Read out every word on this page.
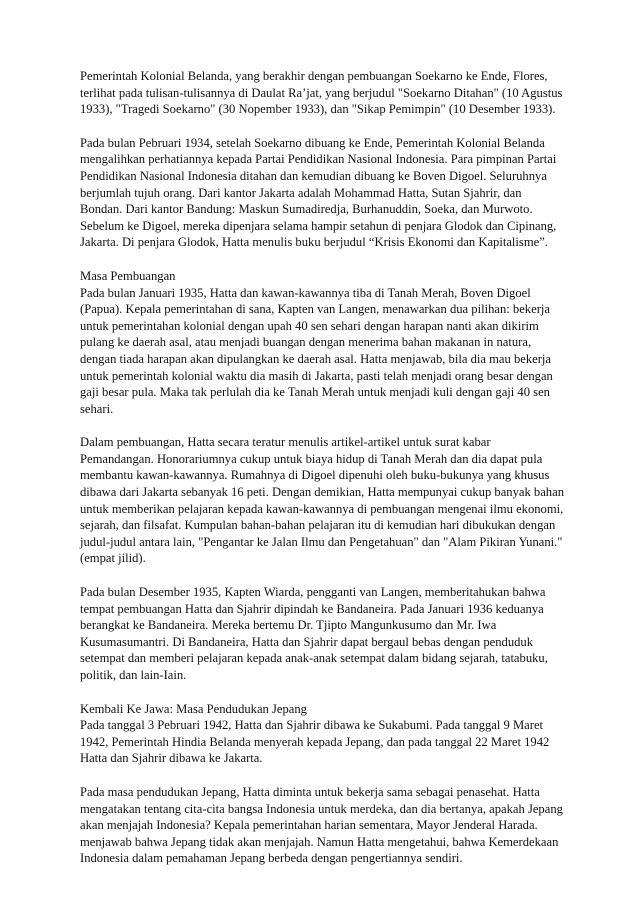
Pemerintah Kolonial Belanda, yang berakhir dengan pembuangan Soekarno ke Ende, Flores, terlihat pada tulisan-tulisannya di Daulat Ra’jat, yang berjudul "Soekarno Ditahan" (10 Agustus 1933), "Tragedi Soekarno" (30 Nopember 1933), dan "Sikap Pemimpin" (10 Desember 1933).

Pada bulan Pebruari 1934, setelah Soekarno dibuang ke Ende, Pemerintah Kolonial Belanda mengalihkan perhatiannya kepada Partai Pendidikan Nasional Indonesia. Para pimpinan Partai Pendidikan Nasional Indonesia ditahan dan kemudian dibuang ke Boven Digoel. Seluruhnya berjumlah tujuh orang. Dari kantor Jakarta adalah Mohammad Hatta, Sutan Sjahrir, dan Bondan. Dari kantor Bandung: Maskun Sumadiredja, Burhanuddin, Soeka, dan Murwoto. Sebelum ke Digoel, mereka dipenjara selama hampir setahun di penjara Glodok dan Cipinang, Jakarta. Di penjara Glodok, Hatta menulis buku berjudul “Krisis Ekonomi dan Kapitalisme”.

Masa Pembuangan

Pada bulan Januari 1935, Hatta dan kawan-kawannya tiba di Tanah Merah, Boven Digoel (Papua). Kepala pemerintahan di sana, Kapten van Langen, menawarkan dua pilihan: bekerja untuk pemerintahan kolonial dengan upah 40 sen sehari dengan harapan nanti akan dikirim pulang ke daerah asal, atau menjadi buangan dengan menerima bahan makanan in natura, dengan tiada harapan akan dipulangkan ke daerah asal. Hatta menjawab, bila dia mau bekerja untuk pemerintah kolonial waktu dia masih di Jakarta, pasti telah menjadi orang besar dengan gaji besar pula. Maka tak perlulah dia ke Tanah Merah untuk menjadi kuli dengan gaji 40 sen sehari.

Dalam pembuangan, Hatta secara teratur menulis artikel-artikel untuk surat kabar Pemandangan. Honorariumnya cukup untuk biaya hidup di Tanah Merah dan dia dapat pula membantu kawan-kawannya. Rumahnya di Digoel dipenuhi oleh buku-bukunya yang khusus dibawa dari Jakarta sebanyak 16 peti. Dengan demikian, Hatta mempunyai cukup banyak bahan untuk memberikan pelajaran kepada kawan-kawannya di pembuangan mengenai ilmu ekonomi, sejarah, dan filsafat. Kumpulan bahan-bahan pelajaran itu di kemudian hari dibukukan dengan judul-judul antara lain, "Pengantar ke Jalan Ilmu dan Pengetahuan" dan "Alam Pikiran Yunani." (empat jilid).

Pada bulan Desember 1935, Kapten Wiarda, pengganti van Langen, memberitahukan bahwa tempat pembuangan Hatta dan Sjahrir dipindah ke Bandaneira. Pada Januari 1936 keduanya berangkat ke Bandaneira. Mereka bertemu Dr. Tjipto Mangunkusumo dan Mr. Iwa Kusumasumantri. Di Bandaneira, Hatta dan Sjahrir dapat bergaul bebas dengan penduduk setempat dan memberi pelajaran kepada anak-anak setempat dalam bidang sejarah, tatabuku, politik, dan lain-Iain.

Kembali Ke Jawa: Masa Pendudukan Jepang

Pada tanggal 3 Pebruari 1942, Hatta dan Sjahrir dibawa ke Sukabumi. Pada tanggal 9 Maret 1942, Pemerintah Hindia Belanda menyerah kepada Jepang, dan pada tanggal 22 Maret 1942 Hatta dan Sjahrir dibawa ke Jakarta.

Pada masa pendudukan Jepang, Hatta diminta untuk bekerja sama sebagai penasehat. Hatta mengatakan tentang cita-cita bangsa Indonesia untuk merdeka, dan dia bertanya, apakah Jepang akan menjajah Indonesia? Kepala pemerintahan harian sementara, Mayor Jenderal Harada. menjawab bahwa Jepang tidak akan menjajah. Namun Hatta mengetahui, bahwa Kemerdekaan Indonesia dalam pemahaman Jepang berbeda dengan pengertiannya sendiri.
